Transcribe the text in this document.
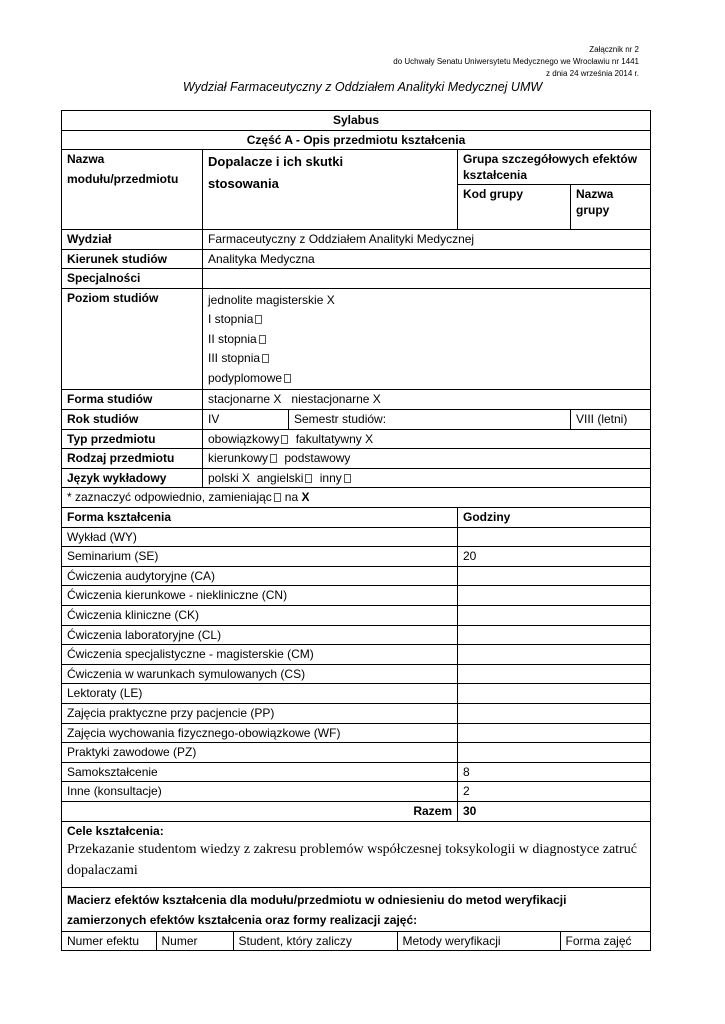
Załącznik nr 2
do Uchwały Senatu Uniwersytetu Medycznego we Wrocławiu nr 1441
z dnia 24 września 2014 r.
Wydział Farmaceutyczny z Oddziałem Analityki Medycznej UMW
Sylabus
Część A - Opis przedmiotu kształcenia

Nazwa
modułu/przedmiotu

Dopalacze i ich skutki
stosowania
	Grupa szczegółowych efektów kształcenia
Kod grupy	Nazwa grupy
Wydział	Farmaceutyczny z Oddziałem Analityki Medycznej
Kierunek studiów	Analityka Medyczna
Specjalności	
Poziom studiów	jednolite magisterskie X
I stopnia
II stopnia
III stopnia
podyplomowe

Forma studiów	stacjonarne X niestacjonarne X
Rok studiów	IV	Semestr studiów:	VIII (letni)
Typ przedmiotu	obowiązkowy fakultatywny X
Rodzaj przedmiotu	kierunkowy podstawowy
Język wykładowy	polski X angielski inny
* zaznaczyć odpowiednio, zamieniając na X
Forma kształcenia	Godziny
Wykład (WY)	
Seminarium (SE)	20
Ćwiczenia audytoryjne (CA)	
Ćwiczenia kierunkowe - niekliniczne (CN)	
Ćwiczenia kliniczne (CK)	
Ćwiczenia laboratoryjne (CL)	
Ćwiczenia specjalistyczne - magisterskie (CM)	
Ćwiczenia w warunkach symulowanych (CS)	
Lektoraty (LE)	
Zajęcia praktyczne przy pacjencie (PP)	
Zajęcia wychowania fizycznego-obowiązkowe (WF)	
Praktyki zawodowe (PZ)	
Samokształcenie	8
Inne (konsultacje)	2
Razem	30

Cele kształcenia:
Przekazanie studentom wiedzy z zakresu problemów współczesnej toksykologii w diagnostyce zatruć dopalaczami

Macierz efektów kształcenia dla modułu/przedmiotu w odniesieniu do metod weryfikacji
zamierzonych efektów kształcenia oraz formy realizacji zajęć:

Numer efektu	Numer	Student, który zaliczy	Metody weryfikacji	Forma zajęć
